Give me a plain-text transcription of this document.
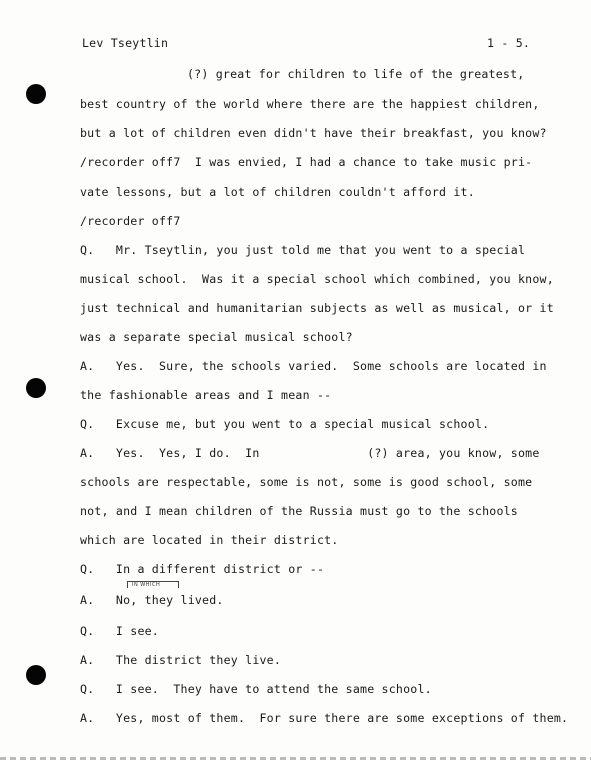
Lev Tseytlin	1 - 5.
(?) great for children to life of the greatest,
best country of the world where there are the happiest children,
but a lot of children even didn't have their breakfast, you know?
/recorder off7  I was envied, I had a chance to take music pri-
vate lessons, but a lot of children couldn't afford it.
/recorder off7
Q.   Mr. Tseytlin, you just told me that you went to a special
musical school.  Was it a special school which combined, you know,
just technical and humanitarian subjects as well as musical, or it
was a separate special musical school?
A.   Yes.  Sure, the schools varied.  Some schools are located in
the fashionable areas and I mean --
Q.   Excuse me, but you went to a special musical school.
A.   Yes.  Yes, I do.  In               (?) area, you know, some
schools are respectable, some is not, some is good school, some
not, and I mean children of the Russia must go to the schools
which are located in their district.
Q.   In a different district or --
IN WHICH
A.   No, they lived.
Q.   I see.
A.   The district they live.
Q.   I see.  They have to attend the same school.
A.   Yes, most of them.  For sure there are some exceptions of them.
